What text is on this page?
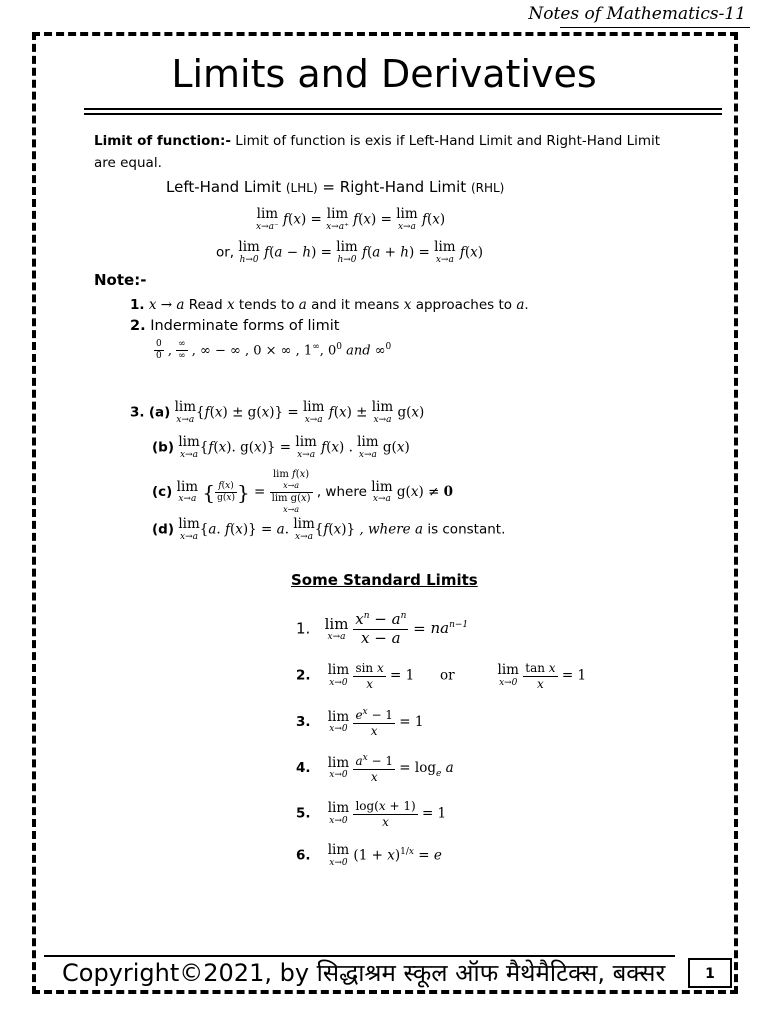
Notes of Mathematics-11
Limits and Derivatives
Limit of function:- Limit of function is exis if Left-Hand Limit and Right-Hand Limit
are equal.
Left-Hand Limit (LHL) = Right-Hand Limit (RHL)
lim
x→a⁻ f(x) = lim
x→a⁺ f(x) = lim
x→a f(x)
or, lim
h→0 f(a − h) = lim
h→0 f(a + h) = lim
x→a f(x)
Note:-
1. x → a Read x tends to a and it means x approaches to a.
2. Inderminate forms of limit
$\frac{0}{0}$ , $\frac{\infty}{\infty}$ , ∞ − ∞ , 0 × ∞ , 1∞, $0^0$ and ∞$^0$
3. (a) lim
x→a {f(x) ± g(x)} = lim
x→a f(x) ± lim
x→a g(x)
(b) lim
x→a {f(x). g(x)} = lim
x→a f(x) . lim
x→a g(x)
(c) lim
x→a { $\frac{f(x)}{g(x)}$ } =
lim f(x)
x→a
lim g(x)
x→a
, where lim
x→a g(x) ≠ 0
(d) lim
x→a {a. f(x)} = a. lim
x→a {f(x)} , where a is constant.
Some Standard Limits
1. lim
x→a
$\frac{x^n - a^n}{x - a} = na^{n-1}$
2. lim
x→0
$\frac{\text{sin x}}{x} = 1$      or	lim
x→0
$\frac{\text{tan x}}{x} = 1$
3. lim
x→0
$\frac{e^x - 1}{x} = 1$
4. lim
x→0
$\frac{a^x - 1}{x} = \log_e a$
5. lim
x→0
$\frac{\log(x + 1)}{x} = 1$
6. lim
x→0 $(1 + x)^{1/x} = e$
Copyright©2021, by सिद्धाश्रम स्कूल ऑफ मैथेमैटिक्स, बक्सर	1
